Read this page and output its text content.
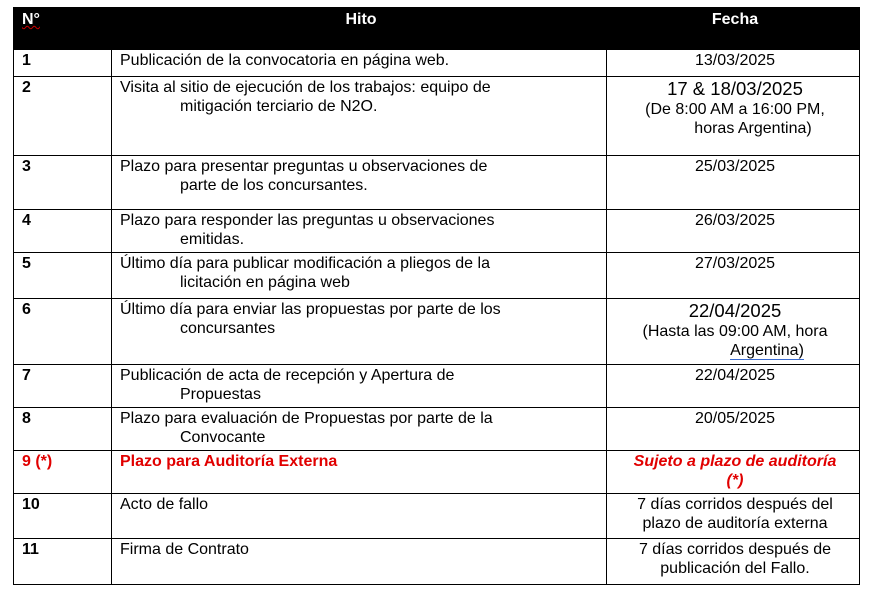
N°	Hito	Fecha
1	Publicación de la convocatoria en página web.	13/03/2025

2	Visita al sitio de ejecución de los trabajos: equipo de
mitigación terciario de N2O.	17 & 18/03/2025
(De 8:00 AM a 16:00 PM,
horas Argentina)

3	Plazo para presentar preguntas u observaciones de
parte de los concursantes.	25/03/2025

4	Plazo para responder las preguntas u observaciones
emitidas.	26/03/2025

5	Último día para publicar modificación a pliegos de la
licitación en página web	27/03/2025

6	Último día para enviar las propuestas por parte de los
concursantes	22/04/2025
(Hasta las 09:00 AM, hora
Argentina)

7	Publicación de acta de recepción y Apertura de
Propuestas	22/04/2025

8	Plazo para evaluación de Propuestas por parte de la
Convocante	20/05/2025

9 (*)	Plazo para Auditoría Externa	Sujeto a plazo de auditoría
(*)

10	Acto de fallo	7 días corridos después del
plazo de auditoría externa

11	Firma de Contrato	7 días corridos después de
publicación del Fallo.
